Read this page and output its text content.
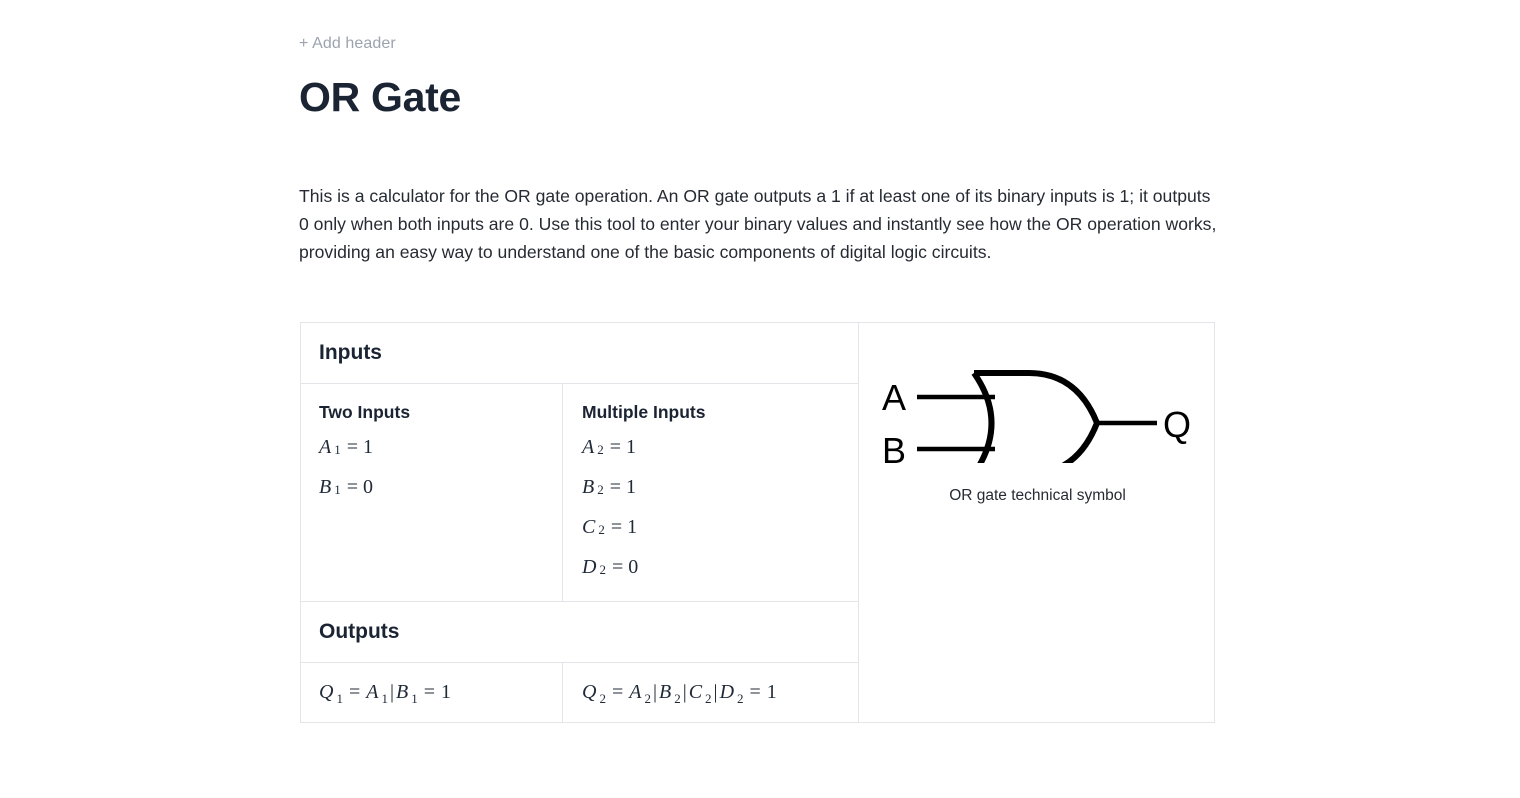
+ Add header
OR Gate

This is a calculator for the OR gate operation. An OR gate outputs a 1 if at least one of its binary inputs is 1; it outputs 0 only when both inputs are 0. Use this tool to enter your binary values and instantly see how the OR operation works, providing an easy way to understand one of the basic components of digital logic circuits.

Inputs
Two Inputs
A 1 = 1
B 1 = 0
Multiple Inputs
A 2 = 1
B 2 = 1
C 2 = 1
D 2 = 0
Outputs
Q 1 = A 1 | B 1 = 1	Q 2 = A 2 | B 2 | C 2 | D 2 = 1
A
B
Q
OR gate technical symbol
